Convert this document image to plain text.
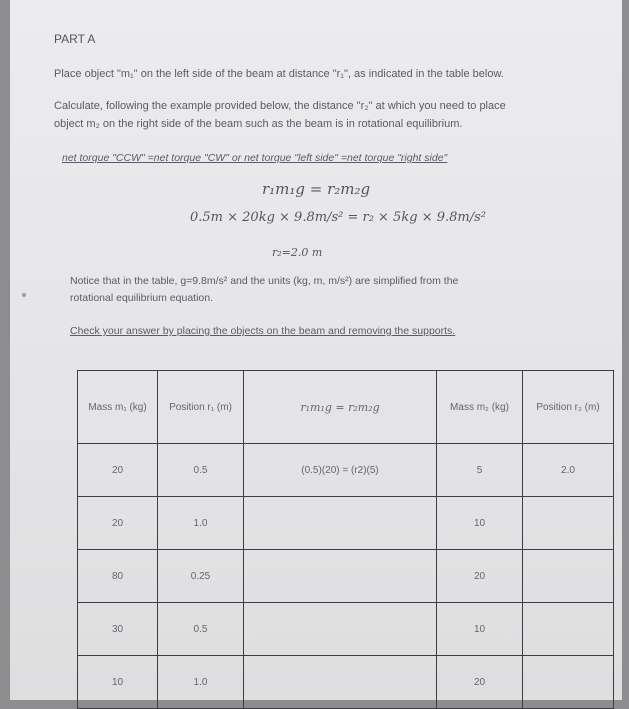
PART A
Place object "m₁" on the left side of the beam at distance "r₁", as indicated in the table below.
Calculate, following the example provided below, the distance "r₂" at which you need to place
object m₂ on the right side of the beam such as the beam is in rotational equilibrium.
net torque "CCW" =net torque "CW" or net torque "left side" =net torque "right side"
r₁m₁g = r₂m₂g
0.5m × 20kg × 9.8m/s² = r₂ × 5kg × 9.8m/s²
r₂=2.0 m
Notice that in the table, g=9.8m/s² and the units (kg, m, m/s²) are simplified from the
rotational equilibrium equation.
Check your answer by placing the objects on the beam and removing the supports.
Mass m₁ (kg)	Position r₁ (m)	r₁m₁g = r₂m₂g	Mass m₂ (kg)	Position r₂ (m)
20	0.5	(0.5)(20) = (r2)(5)	5	2.0
20	1.0		10	
80	0.25		20	
30	0.5		10	
10	1.0		20	
